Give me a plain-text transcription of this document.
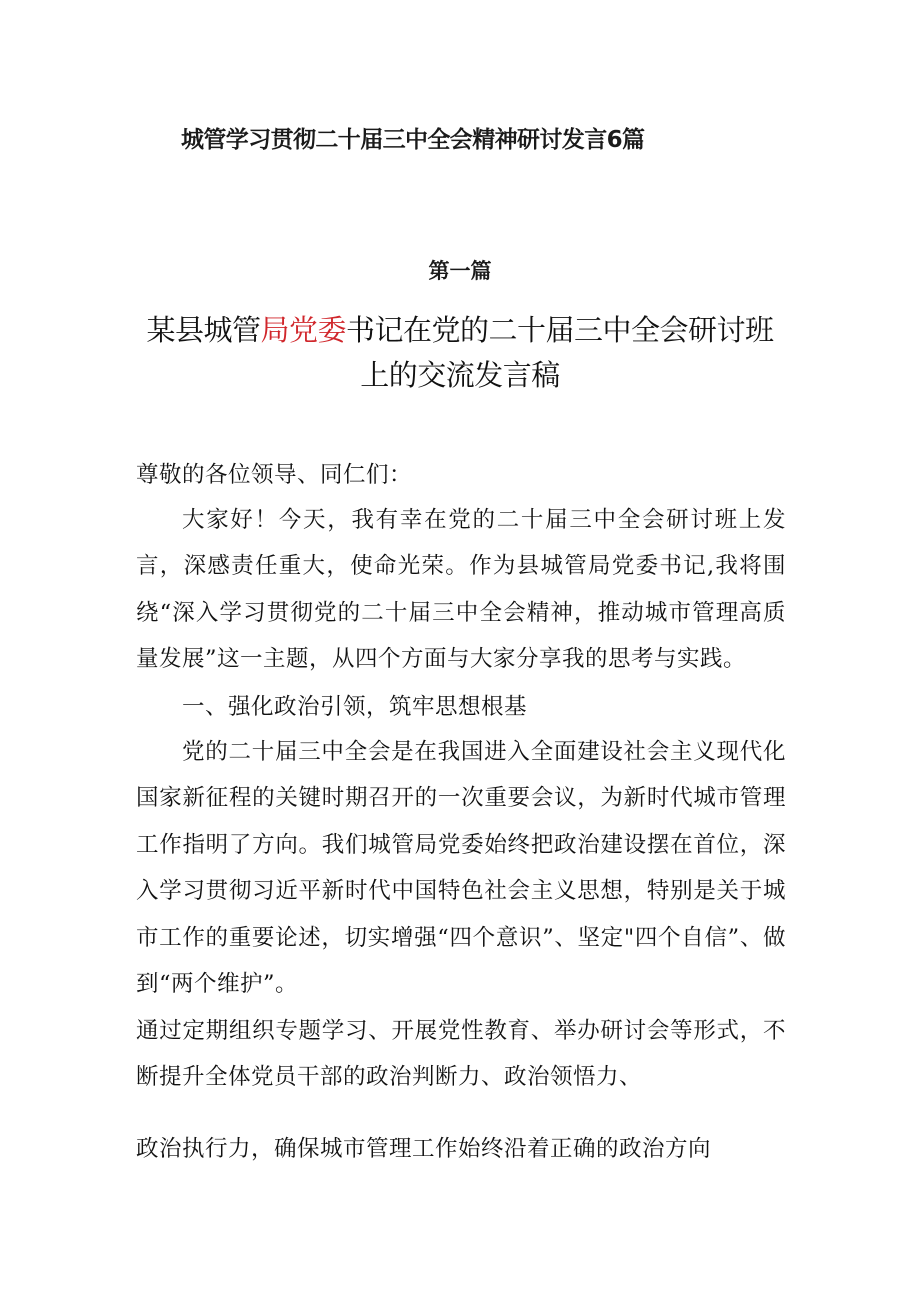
城管学习贯彻二十届三中全会精神研讨发言6篇
第一篇
某县城管局党委书记在党的二十届三中全会研讨班
上的交流发言稿
尊敬的各位领导、同仁们：
大家好！今天，我有幸在党的二十届三中全会研讨班上发言，深感责任重大，使命光荣。作为县城管局党委书记,我将围绕“深入学习贯彻党的二十届三中全会精神，推动城市管理高质量发展”这一主题，从四个方面与大家分享我的思考与实践。
一、强化政治引领，筑牢思想根基
党的二十届三中全会是在我国进入全面建设社会主义现代化国家新征程的关键时期召开的一次重要会议，为新时代城市管理工作指明了方向。我们城管局党委始终把政治建设摆在首位，深入学习贯彻习近平新时代中国特色社会主义思想，特别是关于城市工作的重要论述，切实增强“四个意识”、坚定"四个自信”、做到“两个维护”。
通过定期组织专题学习、开展党性教育、举办研讨会等形式，不断提升全体党员干部的政治判断力、政治领悟力、
政治执行力，确保城市管理工作始终沿着正确的政治方向
